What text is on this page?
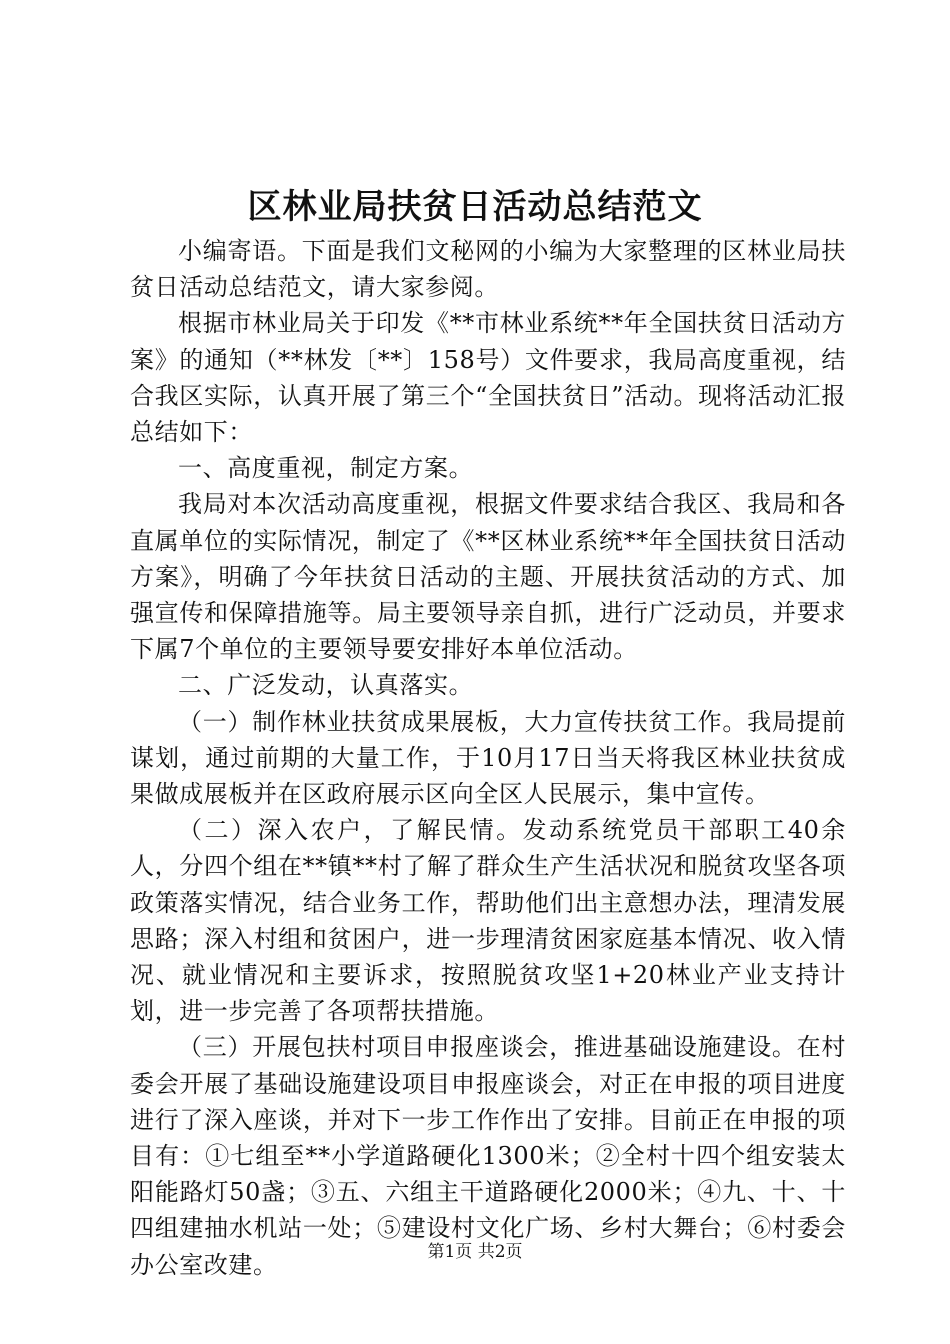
区林业局扶贫日活动总结范文

小编寄语。下面是我们文秘网的小编为大家整理的区林业局扶贫日活动总结范文，请大家参阅。

根据市林业局关于印发《**市林业系统**年全国扶贫日活动方案》的通知（**林发〔**〕158号）文件要求，我局高度重视，结合我区实际，认真开展了第三个“全国扶贫日”活动。现将活动汇报总结如下：

一、高度重视，制定方案。

我局对本次活动高度重视，根据文件要求结合我区、我局和各直属单位的实际情况，制定了《**区林业系统**年全国扶贫日活动方案》，明确了今年扶贫日活动的主题、开展扶贫活动的方式、加强宣传和保障措施等。局主要领导亲自抓，进行广泛动员，并要求下属7个单位的主要领导要安排好本单位活动。

二、广泛发动，认真落实。

（一）制作林业扶贫成果展板，大力宣传扶贫工作。我局提前谋划，通过前期的大量工作，于10月17日当天将我区林业扶贫成果做成展板并在区政府展示区向全区人民展示，集中宣传。

（二）深入农户，了解民情。发动系统党员干部职工40余人，分四个组在**镇**村了解了群众生产生活状况和脱贫攻坚各项政策落实情况，结合业务工作，帮助他们出主意想办法，理清发展思路；深入村组和贫困户，进一步理清贫困家庭基本情况、收入情况、就业情况和主要诉求，按照脱贫攻坚1+20林业产业支持计划，进一步完善了各项帮扶措施。

（三）开展包扶村项目申报座谈会，推进基础设施建设。在村委会开展了基础设施建设项目申报座谈会，对正在申报的项目进度进行了深入座谈，并对下一步工作作出了安排。目前正在申报的项目有：①七组至**小学道路硬化1300米；②全村十四个组安装太阳能路灯50盏；③五、六组主干道路硬化2000米；④九、十、十四组建抽水机站一处；⑤建设村文化广场、乡村大舞台；⑥村委会办公室改建。	第1页 共2页
